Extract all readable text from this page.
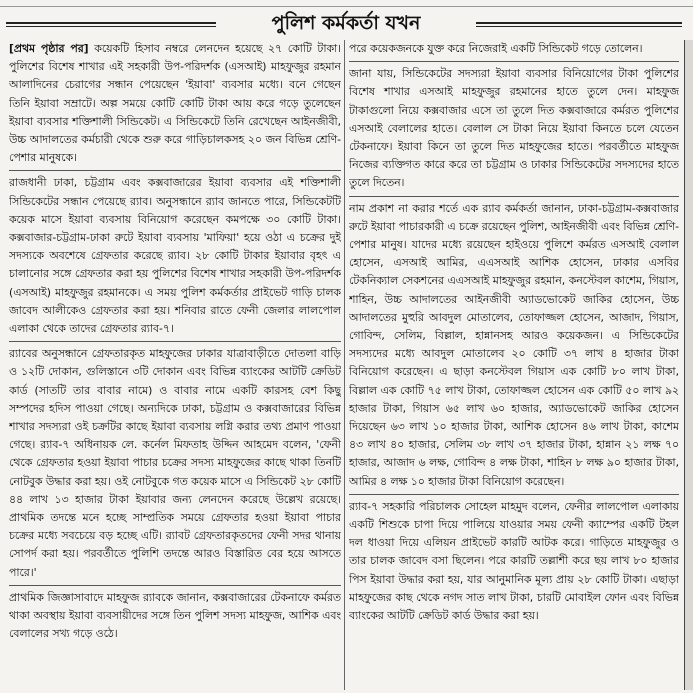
পুলিশ কর্মকর্তা যখন

[প্রথম পৃষ্ঠার পর] কয়েকটি হিসাব নম্বরে লেনদেন হয়েছে ২৭ কোটি টাকা। পুলিশের বিশেষ শাখার এই সহকারী উপ-পরিদর্শক (এসআই) মাহফুজুর রহমান আলাদিনের চেরাগের সন্ধান পেয়েছেন 'ইয়াবা' ব্যবসার মধ্যে। বনে গেছেন তিনি ইয়াবা সম্রাটে। অল্প সময়ে কোটি কোটি টাকা আয় করে গড়ে তুলেছেন ইয়াবা ব্যবসার শক্তিশালী সিন্ডিকেট। এ সিন্ডিকেটে তিনি রেখেছেন আইনজীবী, উচ্চ আদালতের কর্মচারী থেকে শুরু করে গাড়িচালকসহ ২০ জন বিভিন্ন শ্রেণি-পেশার মানুষকে।

রাজধানী ঢাকা, চট্টগ্রাম এবং কক্সবাজারের ইয়াবা ব্যবসার এই শক্তিশালী সিন্ডিকেটের সন্ধান পেয়েছে র‍্যাব। অনুসন্ধানে র‍্যাব জানতে পারে, সিন্ডিকেটটি কয়েক মাসে ইয়াবা ব্যবসায় বিনিয়োগ করেছেন কমপক্ষে ৩০ কোটি টাকা। কক্সবাজার-চট্টগ্রাম-ঢাকা রুটে ইয়াবা ব্যবসায় 'মাফিয়া' হয়ে ওঠা এ চক্রের দুই সদস্যকে অবশেষে গ্রেফতার করেছে র‍্যাব। ২৮ কোটি টাকার ইয়াবার বৃহৎ এ চালানোর সঙ্গে গ্রেফতার করা হয় পুলিশের বিশেষ শাখার সহকারী উপ-পরিদর্শক (এসআই) মাহফুজুর রহমানকে। এ সময় পুলিশ কর্মকর্তার প্রাইভেট গাড়ি চালক জাবেদ আলীকেও গ্রেফতার করা হয়। শনিবার রাতে ফেনী জেলার লালপোল এলাকা থেকে তাদের গ্রেফতার র‍্যাব-৭।

র‍্যাবের অনুসন্ধানে গ্রেফতারকৃত মাহফুজের ঢাকার যাত্রাবাড়ীতে দোতলা বাড়ি ও ১২টি দোকান, গুলিস্তানে ৩টি দোকান এবং বিভিন্ন ব্যাংকের আটটি ক্রেডিট কার্ড (সাতটি তার বাবার নামে) ও বাবার নামে একটি কারসহ বেশ কিছু সম্পদের হদিস পাওয়া গেছে। অন্যদিকে ঢাকা, চট্টগ্রাম ও কক্সবাজারের বিভিন্ন শাখার সদস্যরা ওই চক্রটির কাছে ইয়াবা ব্যবসায় লগ্নি করার তথ্য প্রমাণ পাওয়া গেছে। র‍্যাব-৭ অধিনায়ক লে. কর্নেল মিফতাহ উদ্দিন আহমেদ বলেন, 'ফেনী থেকে গ্রেফতার হওয়া ইয়াবা পাচার চক্রের সদস্য মাহফুজের কাছে থাকা তিনটি নোটবুক উদ্ধার করা হয়। ওই নোটবুকে গত কয়েক মাসে এ সিন্ডিকেট ২৮ কোটি ৪৪ লাখ ১৩ হাজার টাকা ইয়াবার জন্য লেনদেন করেছে উল্লেখ রয়েছে। প্রাথমিক তদন্তে মনে হচ্ছে সাম্প্রতিক সময়ে গ্রেফতার হওয়া ইয়াবা পাচার চক্রের মধ্যে সবচেয়ে বড় হচ্ছে এটি। র‍্যাবট গ্রেফতারকৃতদের ফেনী সদর থানায় সোপর্দ করা হয়। পরবর্তীতে পুলিশি তদন্তে আরও বিস্তারিত বের হয়ে আসতে পারে।'

প্রাথমিক জিজ্ঞাসাবাদে মাহফুজ র‍্যাবকে জানান, কক্সবাজারের টেকনাফে কর্মরত থাকা অবস্থায় ইয়াবা ব্যবসায়ীদের সঙ্গে তিন পুলিশ সদস্য মাহফুজ, আশিক এবং বেলালের সখ্য গড়ে ওঠে।

পরে কয়েকজনকে যুক্ত করে নিজেরাই একটি সিন্ডিকেট গড়ে তোলেন।

জানা যায়, সিন্ডিকেটের সদস্যরা ইয়াবা ব্যবসার বিনিয়োগের টাকা পুলিশের বিশেষ শাখার এসআই মাহফুজুর রহমানের হাতে তুলে দেন। মাহফুজ টাকাগুলো নিয়ে কক্সবাজার এসে তা তুলে দিত কক্সবাজারে কর্মরত পুলিশের এসআই বেলালের হাতে। বেলাল সে টাকা নিয়ে ইয়াবা কিনতে চলে যেতেন টেকনাফে। ইয়াবা কিনে তা তুলে দিত মাহফুজের হাতে। পরবর্তীতে মাহফুজ নিজের ব্যক্তিগত কারে করে তা চট্টগ্রাম ও ঢাকার সিন্ডিকেটের সদস্যদের হাতে তুলে দিতেন।

নাম প্রকাশ না করার শর্তে এক র‍্যাব কর্মকর্তা জানান, ঢাকা-চট্টগ্রাম-কক্সবাজার রুটে ইয়াবা পাচারকারী এ চক্রে রয়েছেন পুলিশ, আইনজীবী এবং বিভিন্ন শ্রেণি-পেশার মানুষ। যাদের মধ্যে রয়েছেন হাইওয়ে পুলিশে কর্মরত এসআই বেলাল হোসেন, এসআই আমির, এএসআই আশিক হোসেন, ঢাকার এসবির টেকনিক্যাল সেকশনের এএসআই মাহফুজুর রহমান, কনস্টেবল কাশেম, গিয়াস, শাহিন, উচ্চ আদালতের আইনজীবী অ্যাডভোকেট জাকির হোসেন, উচ্চ আদালতের মুহুরি আবদুল মোতালেব, তোফাজ্জল হোসেন, আজাদ, গিয়াস, গোবিন্দ, সেলিম, বিল্লাল, হান্নানসহ আরও কয়েকজন। এ সিন্ডিকেটের সদস্যদের মধ্যে আবদুল মোতালেব ২০ কোটি ৩৭ লাখ ৪ হাজার টাকা বিনিয়োগ করেছেন। এ ছাড়া কনস্টেবল গিয়াস এক কোটি ৮০ লাখ টাকা, বিল্লাল এক কোটি ৭৫ লাখ টাকা, তোফাজ্জল হোসেন এক কোটি ৫০ লাখ ৯২ হাজার টাকা, গিয়াস ৬৫ লাখ ৬০ হাজার, অ্যাডভোকেট জাকির হোসেন দিয়েছেন ৬৩ লাখ ১০ হাজার টাকা, আশিক হোসেন ৪৬ লাখ টাকা, কাশেম ৪৩ লাখ ৪০ হাজার, সেলিম ৩৮ লাখ ৩৭ হাজার টাকা, হান্নান ২১ লক্ষ ৭০ হাজার, আজাদ ৬ লক্ষ, গোবিন্দ ৪ লক্ষ টাকা, শাহিন ৮ লক্ষ ৯০ হাজার টাকা, আমির ৪ লক্ষ ১০ হাজার টাকা বিনিয়োগ করেছেন।

র‍্যাব-৭ সহকারি পরিচালক সোহেল মাহমুদ বলেন, ফেনীর লালপোল এলাকায় একটি শিশুকে চাপা দিয়ে পালিয়ে যাওয়ার সময় ফেনী ক্যাম্পের একটি টহল দল ধাওয়া দিয়ে এলিয়ন প্রাইভেট কারটি আটক করে। গাড়িতে মাহফুজুর ও তার চালক জাবেদ বসা ছিলেন। পরে কারটি তল্লাশী করে ছয় লাখ ৮০ হাজার পিস ইয়াবা উদ্ধার করা হয়, যার আনুমানিক মূল্য প্রায় ২৮ কোটি টাকা। এছাড়া মাহফুজের কাছ থেকে নগদ সাত লাখ টাকা, চারটি মোবাইল ফোন এবং বিভিন্ন ব্যাংকের আটটি ক্রেডিট কার্ড উদ্ধার করা হয়।
